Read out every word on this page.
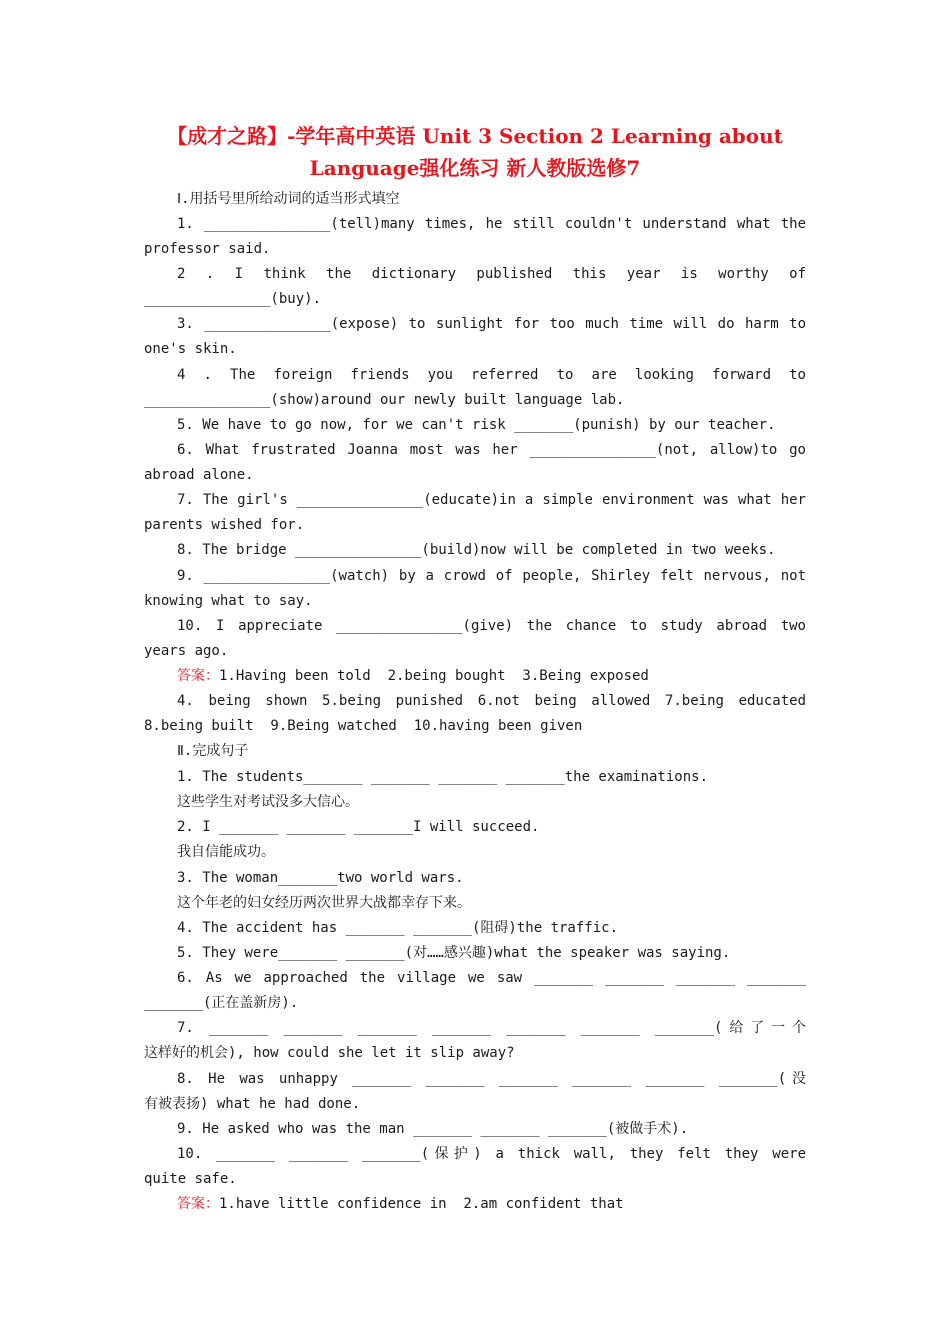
【成才之路】-学年高中英语 Unit 3 Section 2 Learning about
Language强化练习 新人教版选修7
Ⅰ.用括号里所给动词的适当形式填空
1. _______________(tell)many times, he still couldn't understand what the
professor said.
2 . I think the dictionary published this year is worthy of
_______________(buy).
3. _______________(expose) to sunlight for too much time will do harm to
one's skin.
4 . The foreign friends you referred to are looking forward to
_______________(show)around our newly built language lab.
5. We have to go now, for we can't risk _______(punish) by our teacher.
6. What frustrated Joanna most was her _______________(not, allow)to go
abroad alone.
7. The girl's _______________(educate)in a simple environment was what her
parents wished for.
8. The bridge _______________(build)now will be completed in two weeks.
9. _______________(watch) by a crowd of people, Shirley felt nervous, not
knowing what to say.
10. I appreciate _______________(give) the chance to study abroad two
years ago.
答案：1.Having been told  2.being bought  3.Being exposed
4. being shown 5.being punished 6.not being allowed 7.being educated
8.being built  9.Being watched  10.having been given
Ⅱ.完成句子
1. The students_______ _______ _______ _______the examinations.
这些学生对考试没多大信心。
2. I _______ _______ _______I will succeed.
我自信能成功。
3. The woman_______two world wars.
这个年老的妇女经历两次世界大战都幸存下来。
4. The accident has _______ _______(阻碍)the traffic.
5. They were_______ _______(对……感兴趣)what the speaker was saying.
6. As we approached the village we saw _______ _______ _______ _______
_______(正在盖新房).
7. _______ _______ _______ _______ _______ _______ _______(给了一个
这样好的机会), how could she let it slip away?
8. He was unhappy _______ _______ _______ _______ _______ _______(没
有被表扬) what he had done.
9. He asked who was the man _______ _______ _______(被做手术).
10. _______ _______ _______(保护) a thick wall, they felt they were
quite safe.
答案：1.have little confidence in  2.am confident that
